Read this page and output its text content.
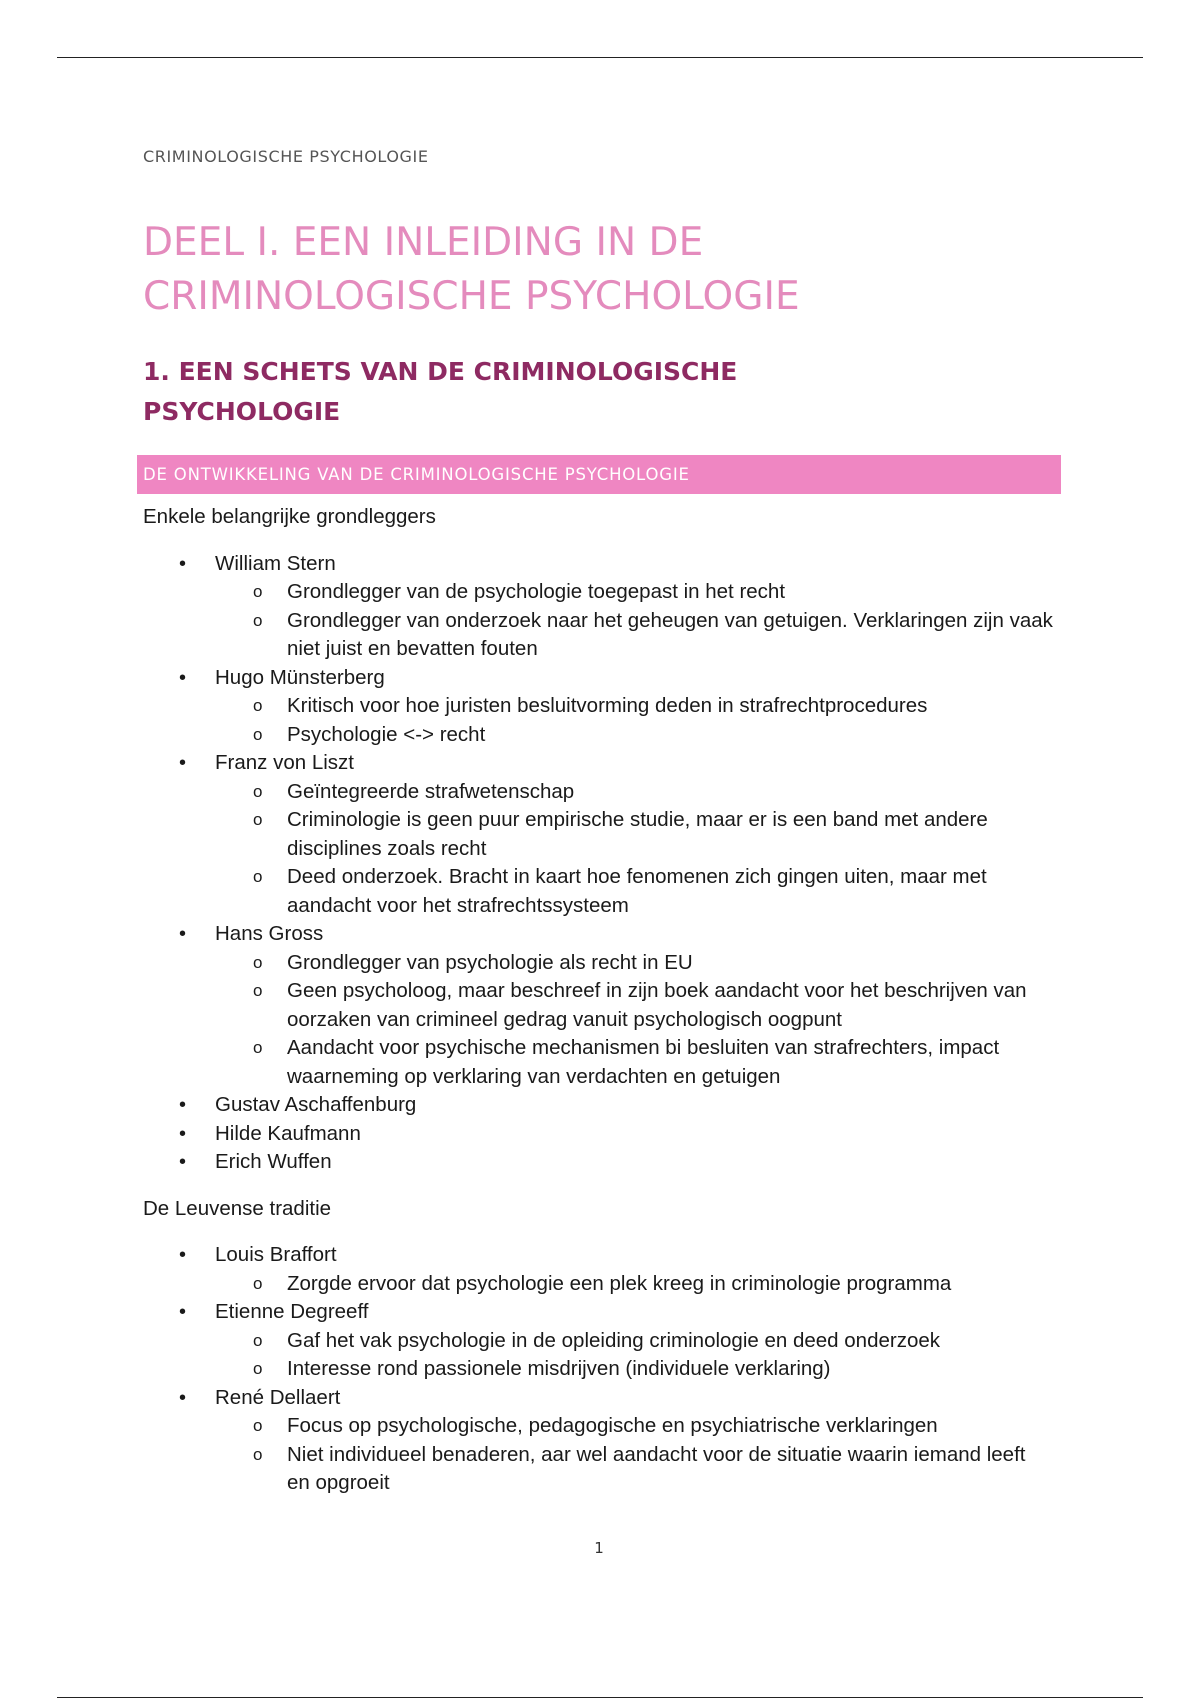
CRIMINOLOGISCHE PSYCHOLOGIE
DEEL I. EEN INLEIDING IN DE CRIMINOLOGISCHE PSYCHOLOGIE
1. EEN SCHETS VAN DE CRIMINOLOGISCHE PSYCHOLOGIE
DE ONTWIKKELING VAN DE CRIMINOLOGISCHE PSYCHOLOGIE

Enkele belangrijke grondleggers

• William Stern
o Grondlegger van de psychologie toegepast in het recht
o Grondlegger van onderzoek naar het geheugen van getuigen. Verklaringen zijn vaak niet juist en bevatten fouten
• Hugo Münsterberg
o Kritisch voor hoe juristen besluitvorming deden in strafrechtprocedures
o Psychologie <-> recht
• Franz von Liszt
o Geïntegreerde strafwetenschap
o Criminologie is geen puur empirische studie, maar er is een band met andere disciplines zoals recht
o Deed onderzoek. Bracht in kaart hoe fenomenen zich gingen uiten, maar met aandacht voor het strafrechtssysteem
• Hans Gross
o Grondlegger van psychologie als recht in EU
o Geen psycholoog, maar beschreef in zijn boek aandacht voor het beschrijven van oorzaken van crimineel gedrag vanuit psychologisch oogpunt
o Aandacht voor psychische mechanismen bi besluiten van strafrechters, impact waarneming op verklaring van verdachten en getuigen
• Gustav Aschaffenburg
• Hilde Kaufmann
• Erich Wuffen

De Leuvense traditie

• Louis Braffort
o Zorgde ervoor dat psychologie een plek kreeg in criminologie programma
• Etienne Degreeff
o Gaf het vak psychologie in de opleiding criminologie en deed onderzoek
o Interesse rond passionele misdrijven (individuele verklaring)
• René Dellaert
o Focus op psychologische, pedagogische en psychiatrische verklaringen
o Niet individueel benaderen, aar wel aandacht voor de situatie waarin iemand leeft en opgroeit
1
